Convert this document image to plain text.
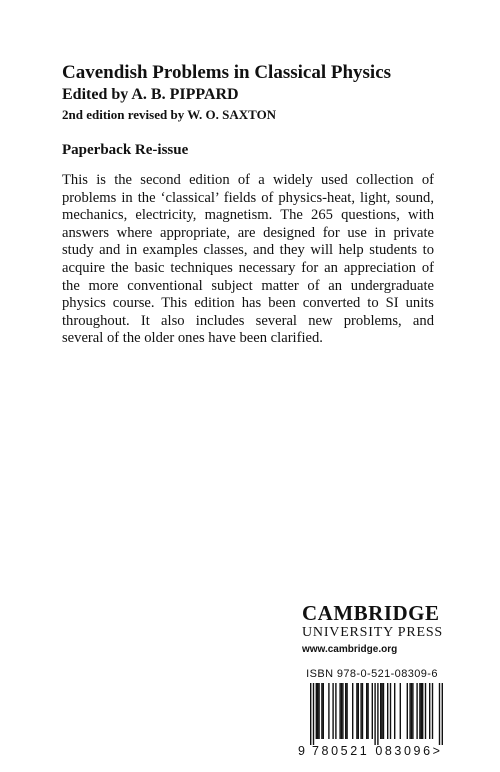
Cavendish Problems in Classical Physics
Edited by A. B. PIPPARD
2nd edition revised by W. O. SAXTON
Paperback Re-issue
This is the second edition of a widely used collection of
problems in the ‘classical’ fields of physics-heat, light, sound,
mechanics, electricity, magnetism. The 265 questions, with
answers where appropriate, are designed for use in private
study and in examples classes, and they will help students to
acquire the basic techniques necessary for an appreciation of
the more conventional subject matter of an undergraduate
physics course. This edition has been converted to SI units
throughout. It also includes several new problems, and
several of the older ones have been clarified.
CAMBRIDGE
UNIVERSITY PRESS
www.cambridge.org
ISBN 978-0-521-08309-6
9 780521 083096 >
